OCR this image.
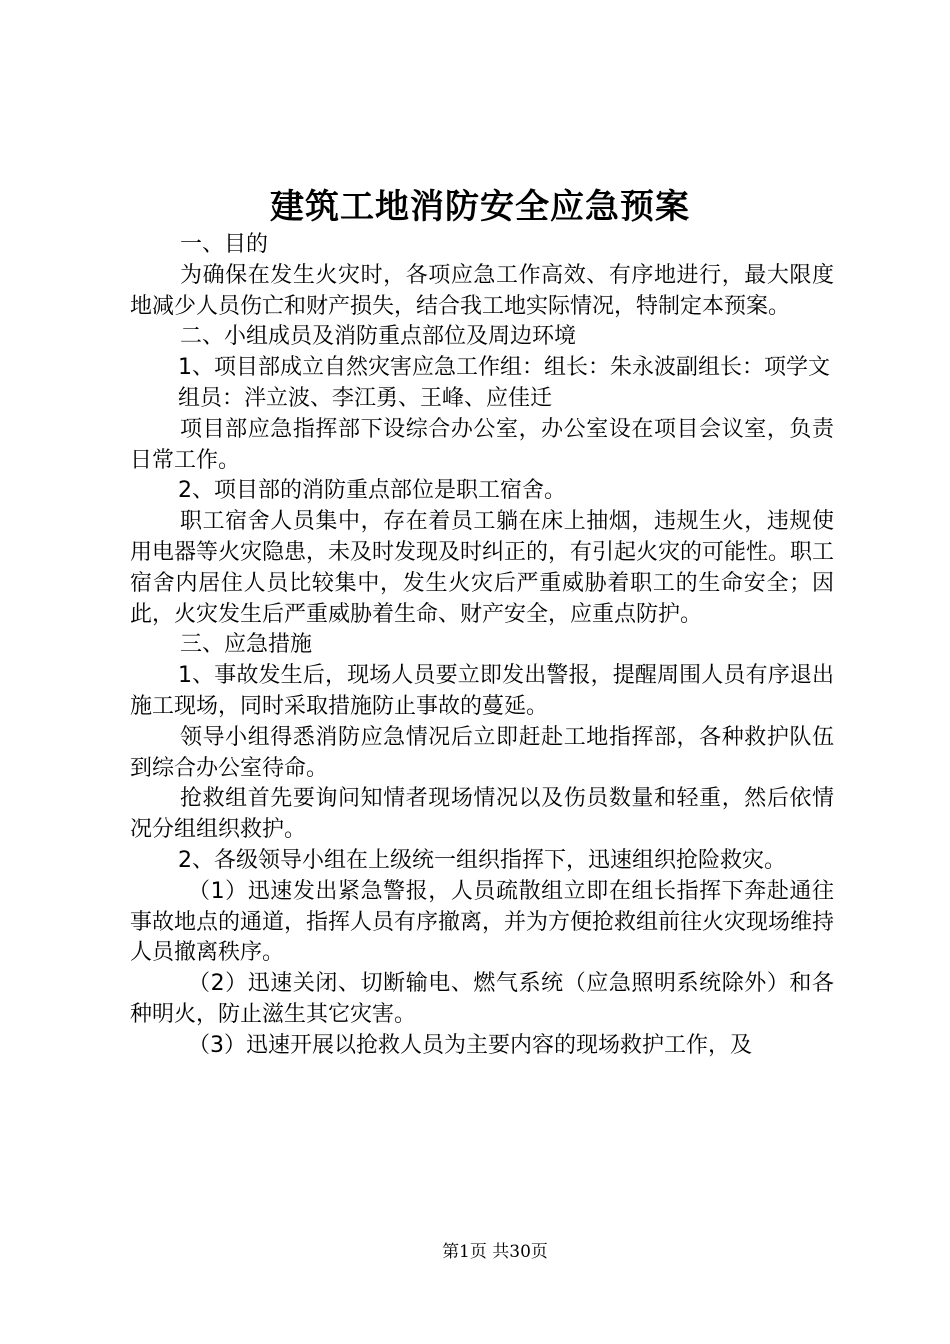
建筑工地消防安全应急预案

一、目的

为确保在发生火灾时，各项应急工作高效、有序地进行，最大限度地减少人员伤亡和财产损失，结合我工地实际情况，特制定本预案。

二、小组成员及消防重点部位及周边环境

1、项目部成立自然灾害应急工作组：组长：朱永波副组长：项学文

组员：泮立波、李江勇、王峰、应佳迁

项目部应急指挥部下设综合办公室，办公室设在项目会议室，负责日常工作。

2、项目部的消防重点部位是职工宿舍。

职工宿舍人员集中，存在着员工躺在床上抽烟，违规生火，违规使用电器等火灾隐患，未及时发现及时纠正的，有引起火灾的可能性。职工宿舍内居住人员比较集中，发生火灾后严重威胁着职工的生命安全；因此，火灾发生后严重威胁着生命、财产安全，应重点防护。

三、应急措施

1、事故发生后，现场人员要立即发出警报，提醒周围人员有序退出施工现场，同时采取措施防止事故的蔓延。

领导小组得悉消防应急情况后立即赶赴工地指挥部，各种救护队伍到综合办公室待命。

抢救组首先要询问知情者现场情况以及伤员数量和轻重，然后依情况分组组织救护。

2、各级领导小组在上级统一组织指挥下，迅速组织抢险救灾。

（1）迅速发出紧急警报，人员疏散组立即在组长指挥下奔赴通往事故地点的通道，指挥人员有序撤离，并为方便抢救组前往火灾现场维持人员撤离秩序。

（2）迅速关闭、切断输电、燃气系统（应急照明系统除外）和各种明火，防止滋生其它灾害。

（3）迅速开展以抢救人员为主要内容的现场救护工作，及

第1页 共30页
